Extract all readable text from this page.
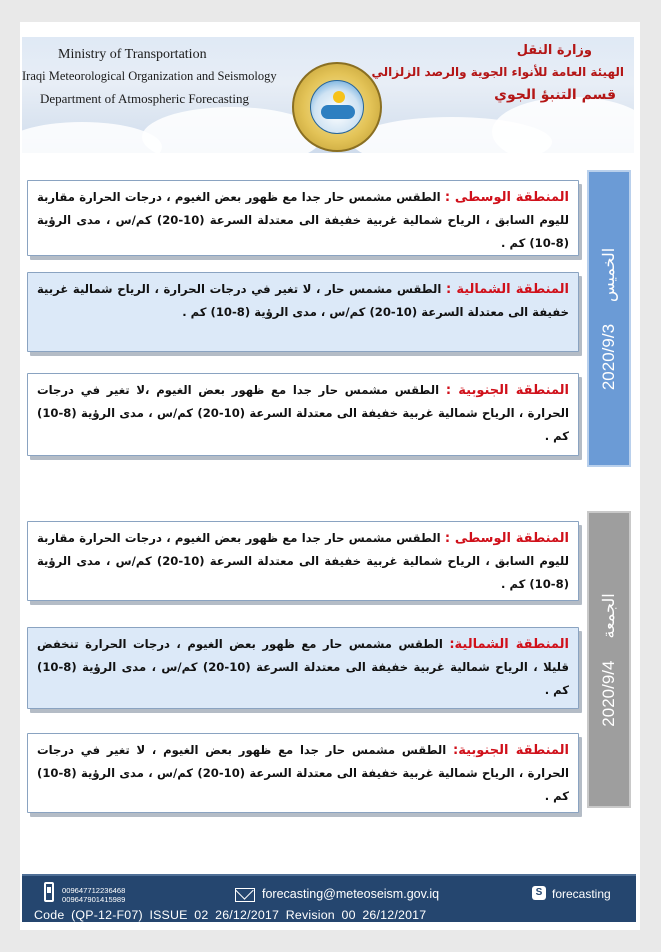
Ministry of Transportation
Iraqi Meteorological Organization and Seismology
Department of Atmospheric Forecasting
وزارة النقل
الهيئة العامة للأنواء الجوية والرصد الزلزالي
قسم التنبؤ الجوي
المنطقة الوسطى : الطقس مشمس حار جدا مع ظهور بعض الغيوم ، درجات الحرارة مقاربة لليوم السابق ، الرياح شمالية غربية خفيفة الى معتدلة السرعة (10-20) كم/س ، مدى الرؤية (8-10) كم .
المنطقة الشمالية : الطقس مشمس حار ، لا تغير في درجات الحرارة ، الرياح شمالية غربية خفيفة الى معتدلة السرعة (10-20) كم/س ، مدى الرؤية (8-10) كم .
المنطقة الجنوبية : الطقس مشمس حار جدا مع ظهور بعض الغيوم ،لا تغير في درجات الحرارة ، الرياح شمالية غربية خفيفة الى معتدلة السرعة (10-20) كم/س ، مدى الرؤية (8-10) كم .
2020/9/3
الخميس
المنطقة الوسطى : الطقس مشمس حار جدا مع ظهور بعض الغيوم ، درجات الحرارة مقاربة لليوم السابق ، الرياح شمالية غربية خفيفة الى معتدلة السرعة (10-20) كم/س ، مدى الرؤية (8-10) كم .
المنطقة الشمالية: الطقس مشمس حار مع ظهور بعض الغيوم ، درجات الحرارة تنخفض قليلا ، الرياح شمالية غربية خفيفة الى معتدلة السرعة (10-20) كم/س ، مدى الرؤية (8-10) كم .
المنطقة الجنوبية: الطقس مشمس حار جدا مع ظهور بعض الغيوم ، لا تغير في درجات الحرارة ، الرياح شمالية غربية خفيفة الى معتدلة السرعة (10-20) كم/س ، مدى الرؤية (8-10) كم .
2020/9/4
الجمعة
009647712236468
009647901415989	forecasting@meteoseism.gov.iq	S forecasting
Code (QP-12-F07) ISSUE 02 26/12/2017 Revision 00 26/12/2017
